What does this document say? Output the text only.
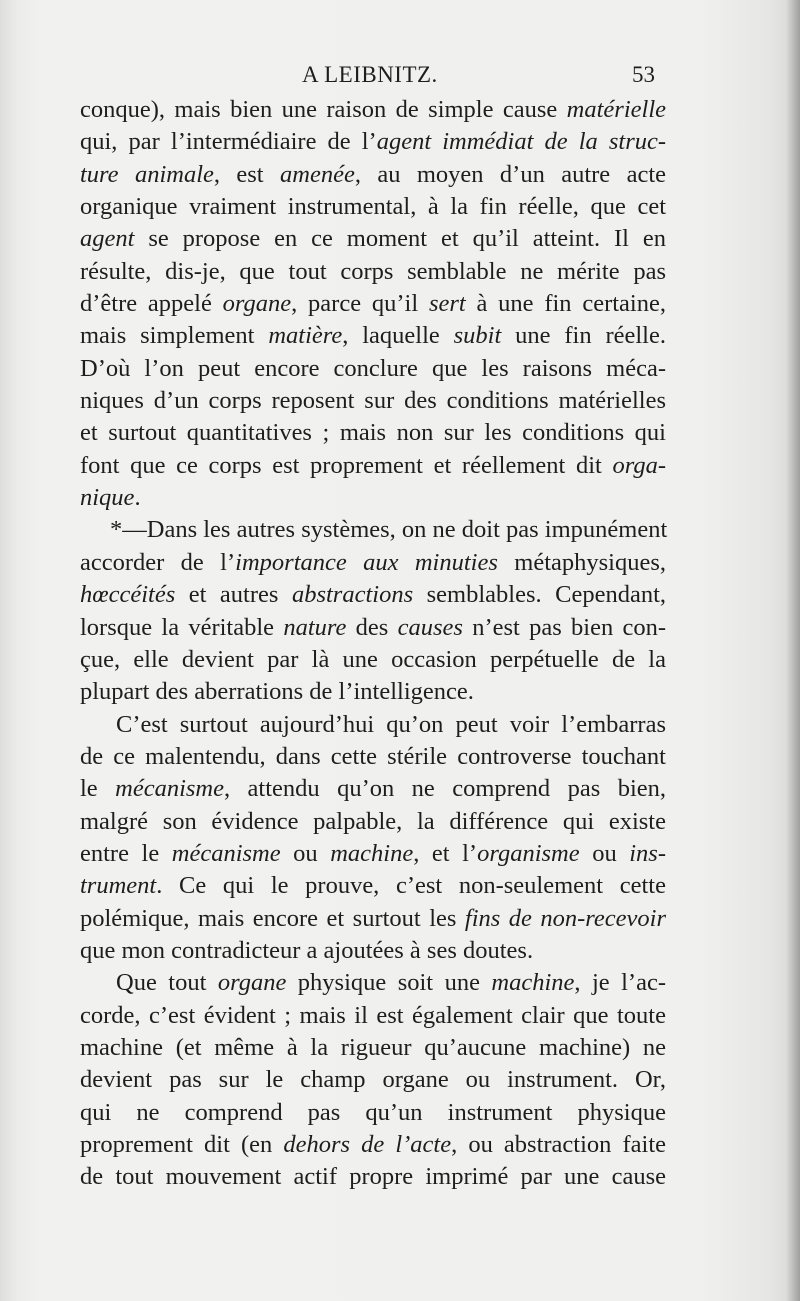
A LEIBNITZ.	53
conque), mais bien une raison de simple cause matérielle
qui, par l’intermédiaire de l’agent immédiat de la struc-
ture animale, est amenée, au moyen d’un autre acte
organique vraiment instrumental, à la fin réelle, que cet
agent se propose en ce moment et qu’il atteint. Il en
résulte, dis-je, que tout corps semblable ne mérite pas
d’être appelé organe, parce qu’il sert à une fin certaine,
mais simplement matière, laquelle subit une fin réelle.
D’où l’on peut encore conclure que les raisons méca-
niques d’un corps reposent sur des conditions matérielles
et surtout quantitatives ; mais non sur les conditions qui
font que ce corps est proprement et réellement dit orga-
nique.
*—Dans les autres systèmes, on ne doit pas impunément
accorder de l’importance aux minuties métaphysiques,
hœccéités et autres abstractions semblables. Cependant,
lorsque la véritable nature des causes n’est pas bien con-
çue, elle devient par là une occasion perpétuelle de la
plupart des aberrations de l’intelligence.
C’est surtout aujourd’hui qu’on peut voir l’embarras
de ce malentendu, dans cette stérile controverse touchant
le mécanisme, attendu qu’on ne comprend pas bien,
malgré son évidence palpable, la différence qui existe
entre le mécanisme ou machine, et l’organisme ou ins-
trument. Ce qui le prouve, c’est non-seulement cette
polémique, mais encore et surtout les fins de non-recevoir
que mon contradicteur a ajoutées à ses doutes.
Que tout organe physique soit une machine, je l’ac-
corde, c’est évident ; mais il est également clair que toute
machine (et même à la rigueur qu’aucune machine) ne
devient pas sur le champ organe ou instrument. Or,
qui ne comprend pas qu’un instrument physique
proprement dit (en dehors de l’acte, ou abstraction faite
de tout mouvement actif propre imprimé par une cause
